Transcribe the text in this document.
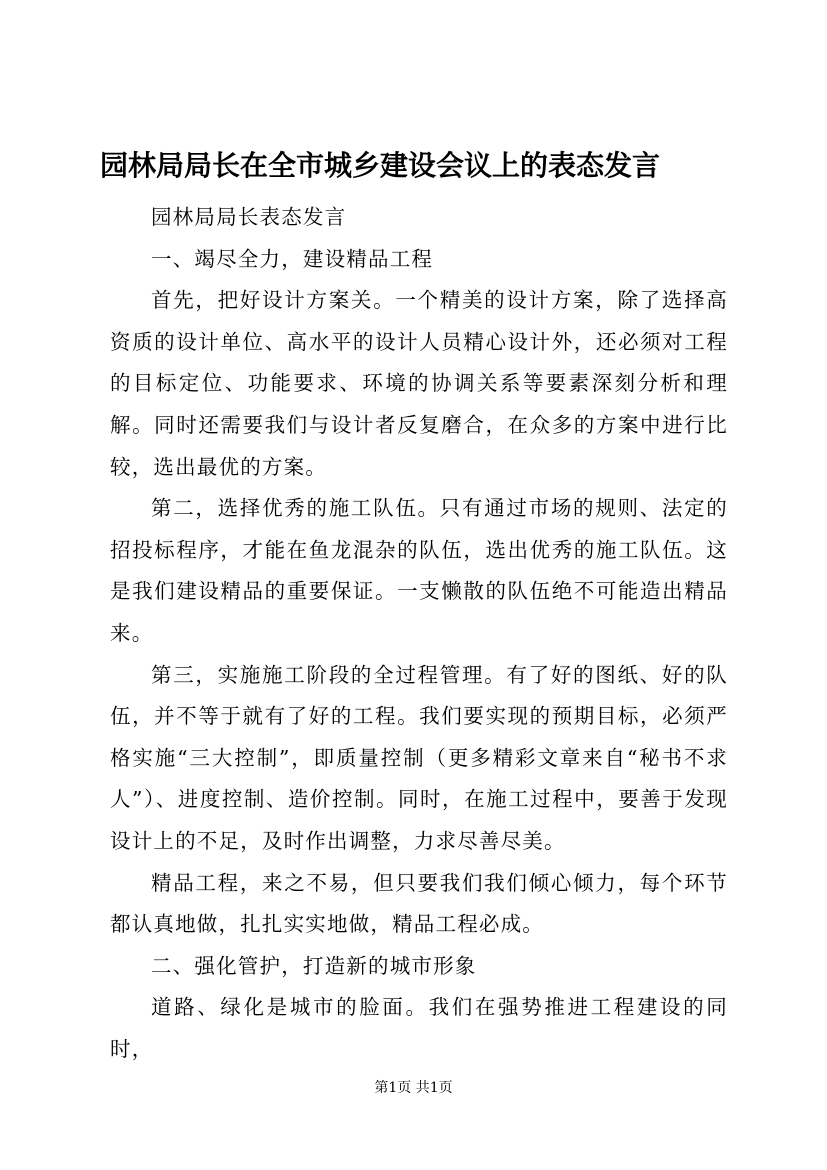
园林局局长在全市城乡建设会议上的表态发言

园林局局长表态发言

一、竭尽全力，建设精品工程

首先，把好设计方案关。一个精美的设计方案，除了选择高资质的设计单位、高水平的设计人员精心设计外，还必须对工程的目标定位、功能要求、环境的协调关系等要素深刻分析和理解。同时还需要我们与设计者反复磨合，在众多的方案中进行比较，选出最优的方案。

第二，选择优秀的施工队伍。只有通过市场的规则、法定的招投标程序，才能在鱼龙混杂的队伍，选出优秀的施工队伍。这是我们建设精品的重要保证。一支懒散的队伍绝不可能造出精品来。

第三，实施施工阶段的全过程管理。有了好的图纸、好的队伍，并不等于就有了好的工程。我们要实现的预期目标，必须严格实施“三大控制”，即质量控制（更多精彩文章来自“秘书不求人”）、进度控制、造价控制。同时，在施工过程中，要善于发现设计上的不足，及时作出调整，力求尽善尽美。

精品工程，来之不易，但只要我们我们倾心倾力，每个环节都认真地做，扎扎实实地做，精品工程必成。

二、强化管护，打造新的城市形象

道路、绿化是城市的脸面。我们在强势推进工程建设的同时，

第1页 共1页
